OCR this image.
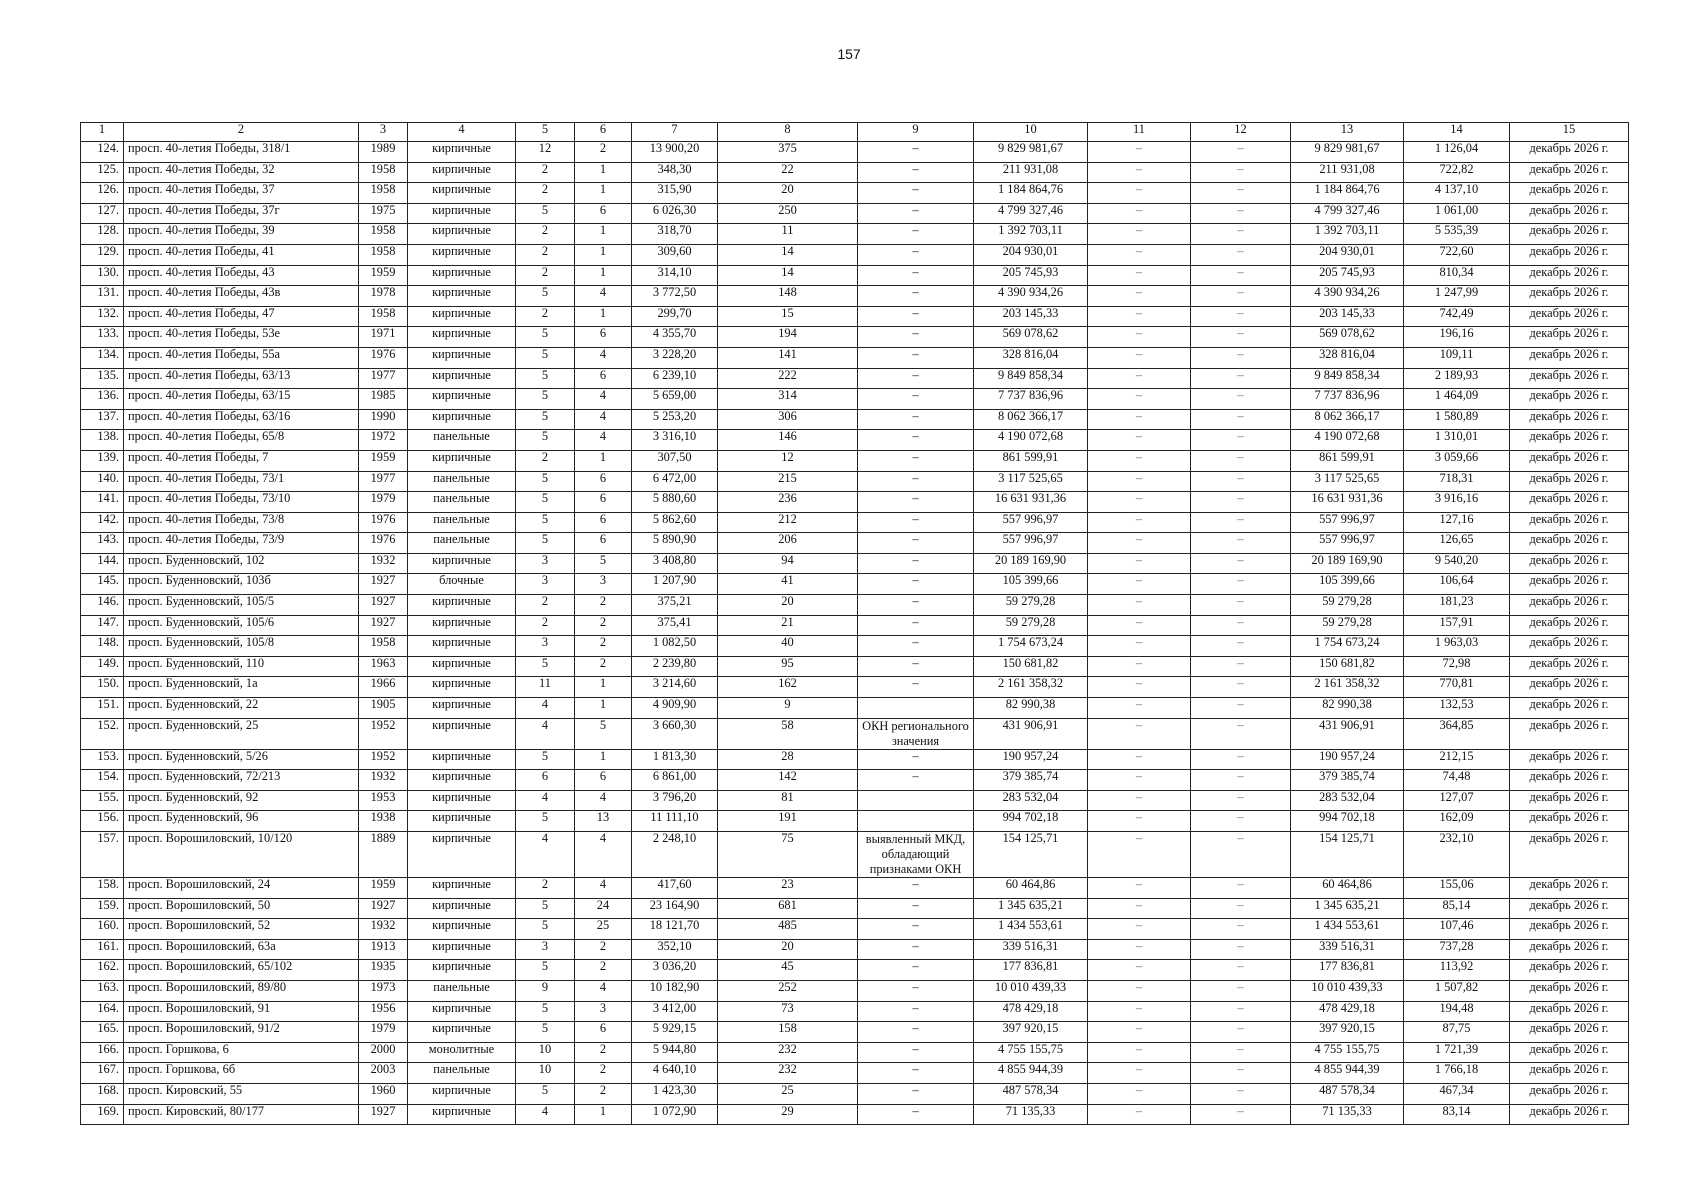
157
1	2	3	4	5	6	7	8	9	10	11	12	13	14	15
124.	просп. 40-летия Победы, 318/1	1989	кирпичные	12	2	13 900,20	375	–	9 829 981,67	–	–	9 829 981,67	1 126,04	декабрь 2026 г.
125.	просп. 40-летия Победы, 32	1958	кирпичные	2	1	348,30	22	–	211 931,08	–	–	211 931,08	722,82	декабрь 2026 г.
126.	просп. 40-летия Победы, 37	1958	кирпичные	2	1	315,90	20	–	1 184 864,76	–	–	1 184 864,76	4 137,10	декабрь 2026 г.
127.	просп. 40-летия Победы, 37г	1975	кирпичные	5	6	6 026,30	250	–	4 799 327,46	–	–	4 799 327,46	1 061,00	декабрь 2026 г.
128.	просп. 40-летия Победы, 39	1958	кирпичные	2	1	318,70	11	–	1 392 703,11	–	–	1 392 703,11	5 535,39	декабрь 2026 г.
129.	просп. 40-летия Победы, 41	1958	кирпичные	2	1	309,60	14	–	204 930,01	–	–	204 930,01	722,60	декабрь 2026 г.
130.	просп. 40-летия Победы, 43	1959	кирпичные	2	1	314,10	14	–	205 745,93	–	–	205 745,93	810,34	декабрь 2026 г.
131.	просп. 40-летия Победы, 43в	1978	кирпичные	5	4	3 772,50	148	–	4 390 934,26	–	–	4 390 934,26	1 247,99	декабрь 2026 г.
132.	просп. 40-летия Победы, 47	1958	кирпичные	2	1	299,70	15	–	203 145,33	–	–	203 145,33	742,49	декабрь 2026 г.
133.	просп. 40-летия Победы, 53е	1971	кирпичные	5	6	4 355,70	194	–	569 078,62	–	–	569 078,62	196,16	декабрь 2026 г.
134.	просп. 40-летия Победы, 55а	1976	кирпичные	5	4	3 228,20	141	–	328 816,04	–	–	328 816,04	109,11	декабрь 2026 г.
135.	просп. 40-летия Победы, 63/13	1977	кирпичные	5	6	6 239,10	222	–	9 849 858,34	–	–	9 849 858,34	2 189,93	декабрь 2026 г.
136.	просп. 40-летия Победы, 63/15	1985	кирпичные	5	4	5 659,00	314	–	7 737 836,96	–	–	7 737 836,96	1 464,09	декабрь 2026 г.
137.	просп. 40-летия Победы, 63/16	1990	кирпичные	5	4	5 253,20	306	–	8 062 366,17	–	–	8 062 366,17	1 580,89	декабрь 2026 г.
138.	просп. 40-летия Победы, 65/8	1972	панельные	5	4	3 316,10	146	–	4 190 072,68	–	–	4 190 072,68	1 310,01	декабрь 2026 г.
139.	просп. 40-летия Победы, 7	1959	кирпичные	2	1	307,50	12	–	861 599,91	–	–	861 599,91	3 059,66	декабрь 2026 г.
140.	просп. 40-летия Победы, 73/1	1977	панельные	5	6	6 472,00	215	–	3 117 525,65	–	–	3 117 525,65	718,31	декабрь 2026 г.
141.	просп. 40-летия Победы, 73/10	1979	панельные	5	6	5 880,60	236	–	16 631 931,36	–	–	16 631 931,36	3 916,16	декабрь 2026 г.
142.	просп. 40-летия Победы, 73/8	1976	панельные	5	6	5 862,60	212	–	557 996,97	–	–	557 996,97	127,16	декабрь 2026 г.
143.	просп. 40-летия Победы, 73/9	1976	панельные	5	6	5 890,90	206	–	557 996,97	–	–	557 996,97	126,65	декабрь 2026 г.
144.	просп. Буденновский, 102	1932	кирпичные	3	5	3 408,80	94	–	20 189 169,90	–	–	20 189 169,90	9 540,20	декабрь 2026 г.
145.	просп. Буденновский, 103б	1927	блочные	3	3	1 207,90	41	–	105 399,66	–	–	105 399,66	106,64	декабрь 2026 г.
146.	просп. Буденновский, 105/5	1927	кирпичные	2	2	375,21	20	–	59 279,28	–	–	59 279,28	181,23	декабрь 2026 г.
147.	просп. Буденновский, 105/6	1927	кирпичные	2	2	375,41	21	–	59 279,28	–	–	59 279,28	157,91	декабрь 2026 г.
148.	просп. Буденновский, 105/8	1958	кирпичные	3	2	1 082,50	40	–	1 754 673,24	–	–	1 754 673,24	1 963,03	декабрь 2026 г.
149.	просп. Буденновский, 110	1963	кирпичные	5	2	2 239,80	95	–	150 681,82	–	–	150 681,82	72,98	декабрь 2026 г.
150.	просп. Буденновский, 1а	1966	кирпичные	11	1	3 214,60	162	–	2 161 358,32	–	–	2 161 358,32	770,81	декабрь 2026 г.
151.	просп. Буденновский, 22	1905	кирпичные	4	1	4 909,90	9		82 990,38	–	–	82 990,38	132,53	декабрь 2026 г.
152.	просп. Буденновский, 25	1952	кирпичные	4	5	3 660,30	58	ОКН регионального значения	431 906,91	–	–	431 906,91	364,85	декабрь 2026 г.
153.	просп. Буденновский, 5/26	1952	кирпичные	5	1	1 813,30	28	–	190 957,24	–	–	190 957,24	212,15	декабрь 2026 г.
154.	просп. Буденновский, 72/213	1932	кирпичные	6	6	6 861,00	142	–	379 385,74	–	–	379 385,74	74,48	декабрь 2026 г.
155.	просп. Буденновский, 92	1953	кирпичные	4	4	3 796,20	81		283 532,04	–	–	283 532,04	127,07	декабрь 2026 г.
156.	просп. Буденновский, 96	1938	кирпичные	5	13	11 111,10	191		994 702,18	–	–	994 702,18	162,09	декабрь 2026 г.
157.	просп. Ворошиловский, 10/120	1889	кирпичные	4	4	2 248,10	75	выявленный МКД, обладающий признаками ОКН	154 125,71	–	–	154 125,71	232,10	декабрь 2026 г.
158.	просп. Ворошиловский, 24	1959	кирпичные	2	4	417,60	23	–	60 464,86	–	–	60 464,86	155,06	декабрь 2026 г.
159.	просп. Ворошиловский, 50	1927	кирпичные	5	24	23 164,90	681	–	1 345 635,21	–	–	1 345 635,21	85,14	декабрь 2026 г.
160.	просп. Ворошиловский, 52	1932	кирпичные	5	25	18 121,70	485	–	1 434 553,61	–	–	1 434 553,61	107,46	декабрь 2026 г.
161.	просп. Ворошиловский, 63а	1913	кирпичные	3	2	352,10	20	–	339 516,31	–	–	339 516,31	737,28	декабрь 2026 г.
162.	просп. Ворошиловский, 65/102	1935	кирпичные	5	2	3 036,20	45	–	177 836,81	–	–	177 836,81	113,92	декабрь 2026 г.
163.	просп. Ворошиловский, 89/80	1973	панельные	9	4	10 182,90	252	–	10 010 439,33	–	–	10 010 439,33	1 507,82	декабрь 2026 г.
164.	просп. Ворошиловский, 91	1956	кирпичные	5	3	3 412,00	73	–	478 429,18	–	–	478 429,18	194,48	декабрь 2026 г.
165.	просп. Ворошиловский, 91/2	1979	кирпичные	5	6	5 929,15	158	–	397 920,15	–	–	397 920,15	87,75	декабрь 2026 г.
166.	просп. Горшкова, 6	2000	монолитные	10	2	5 944,80	232	–	4 755 155,75	–	–	4 755 155,75	1 721,39	декабрь 2026 г.
167.	просп. Горшкова, 6б	2003	панельные	10	2	4 640,10	232	–	4 855 944,39	–	–	4 855 944,39	1 766,18	декабрь 2026 г.
168.	просп. Кировский, 55	1960	кирпичные	5	2	1 423,30	25	–	487 578,34	–	–	487 578,34	467,34	декабрь 2026 г.
169.	просп. Кировский, 80/177	1927	кирпичные	4	1	1 072,90	29	–	71 135,33	–	–	71 135,33	83,14	декабрь 2026 г.
